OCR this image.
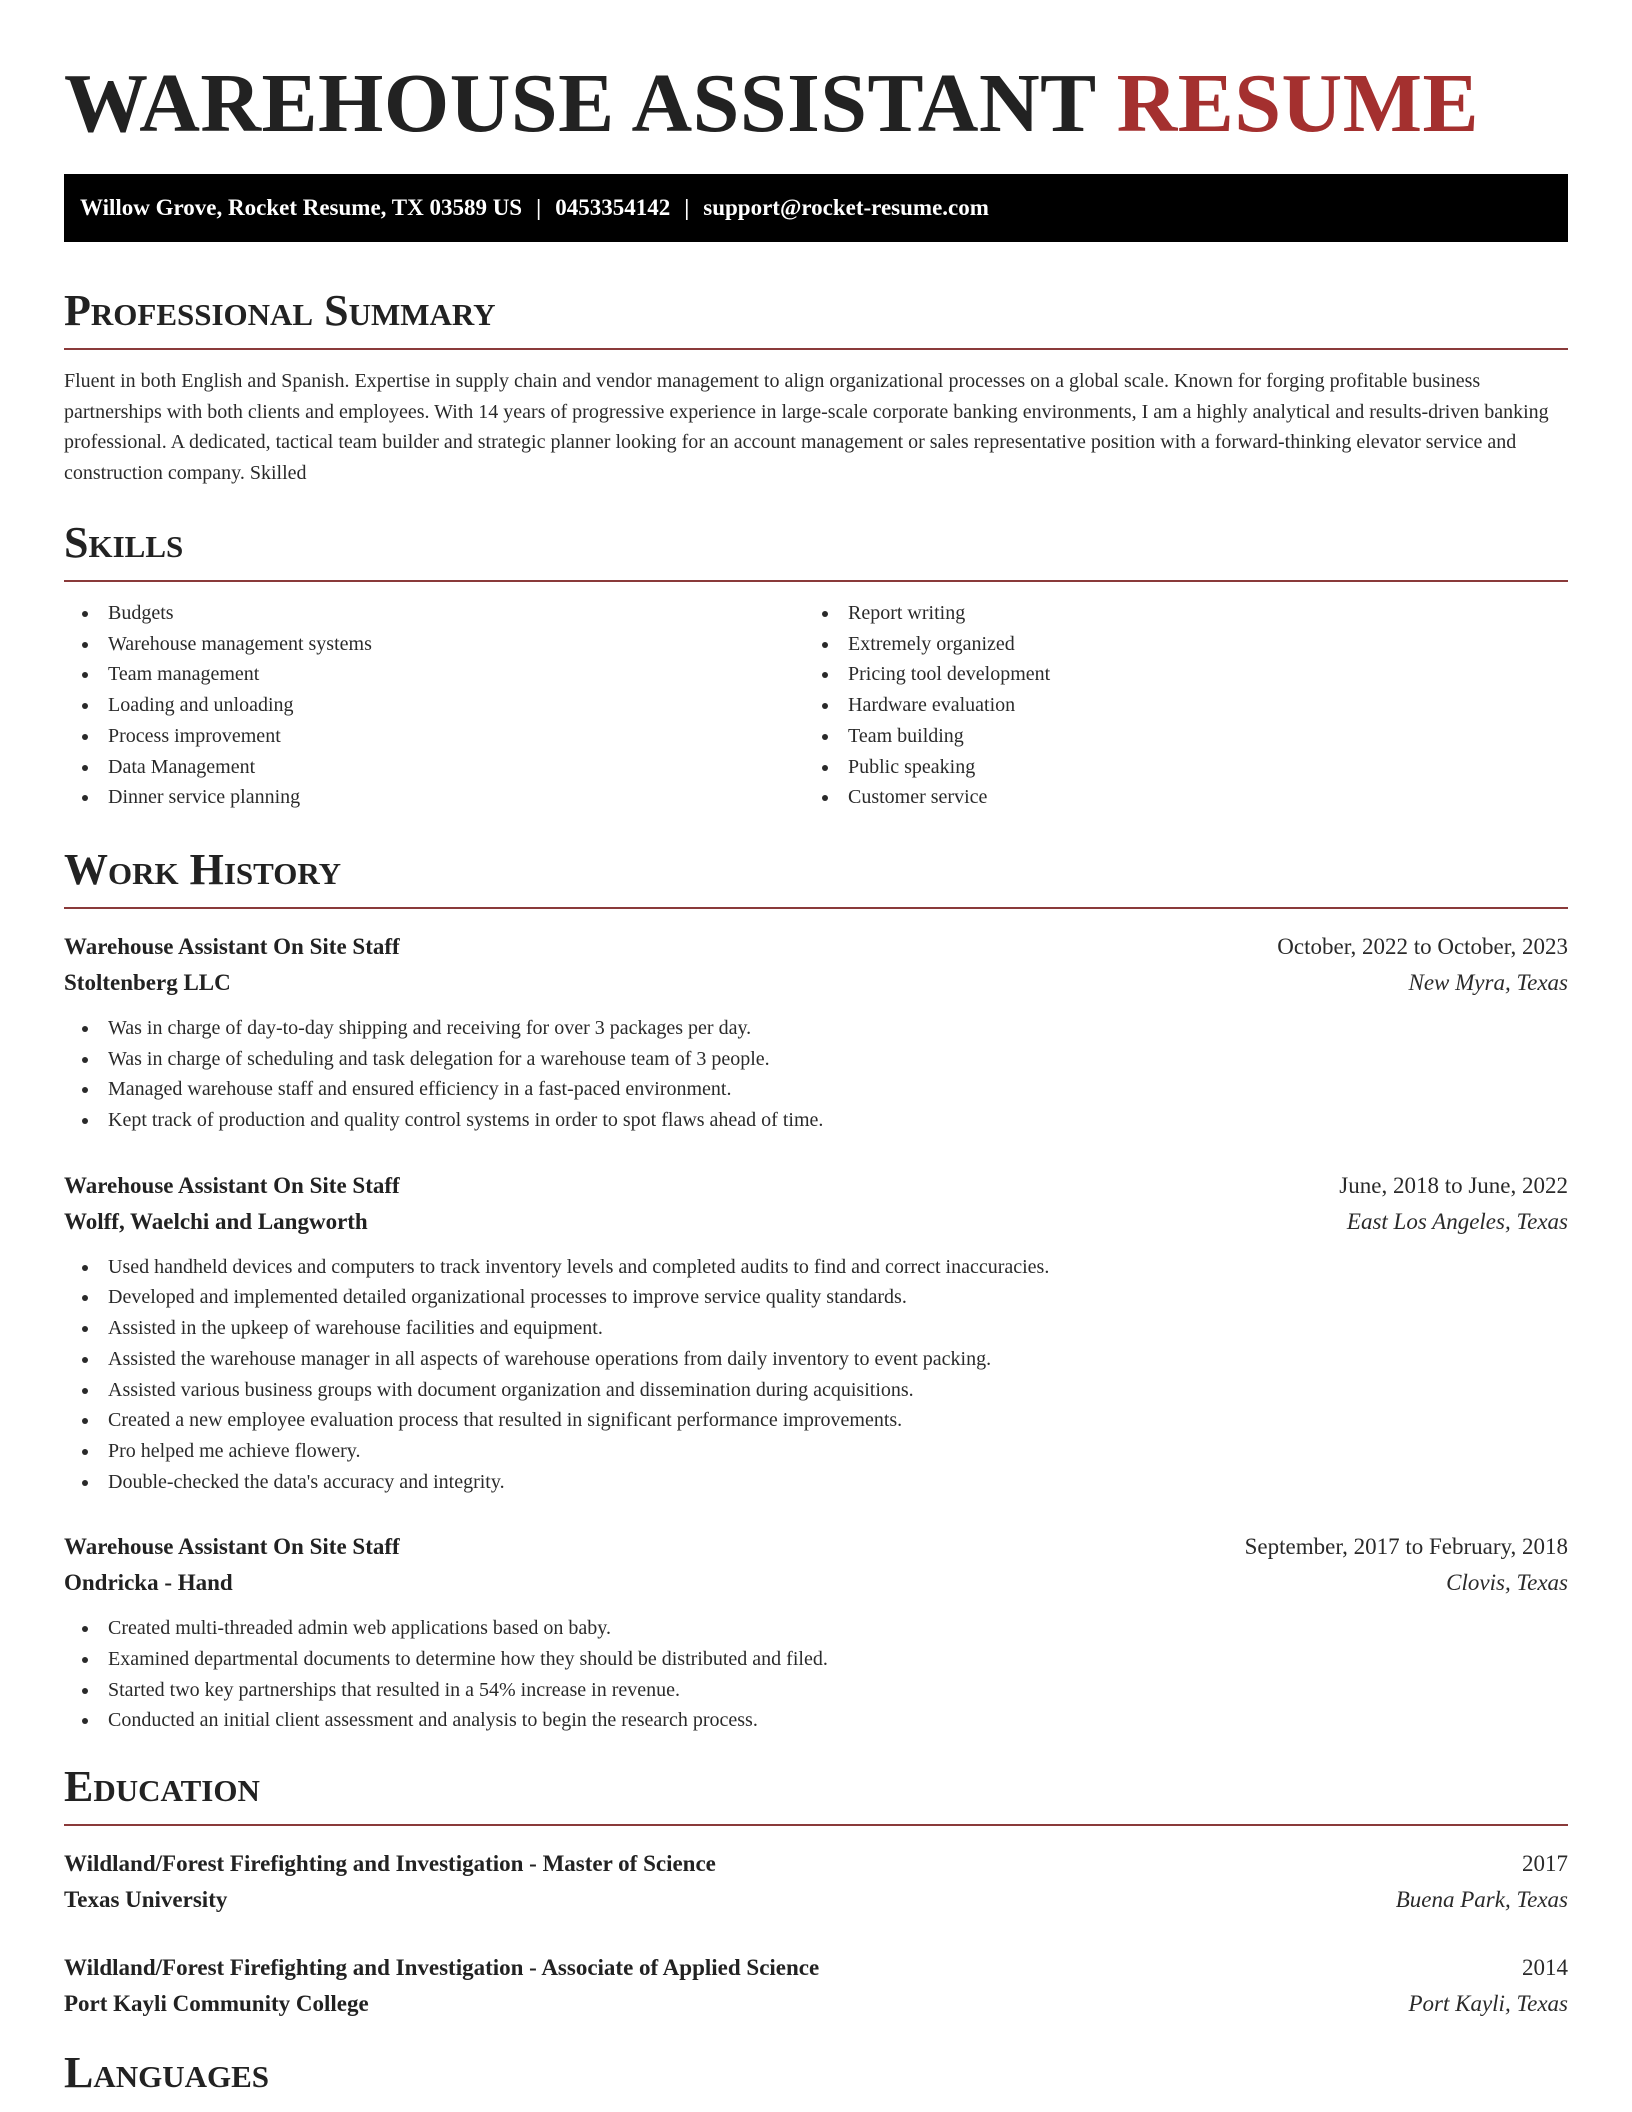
WAREHOUSE ASSISTANT RESUME
Willow Grove, Rocket Resume, TX 03589 US | 0453354142 | support@rocket-resume.com
Professional Summary

Fluent in both English and Spanish. Expertise in supply chain and vendor management to align organizational processes on a global scale. Known for forging profitable business partnerships with both clients and employees. With 14 years of progressive experience in large-scale corporate banking environments, I am a highly analytical and results-driven banking professional. A dedicated, tactical team builder and strategic planner looking for an account management or sales representative position with a forward-thinking elevator service and construction company. Skilled

Skills
Budgets
Warehouse management systems
Team management
Loading and unloading
Process improvement
Data Management
Dinner service planning
Report writing
Extremely organized
Pricing tool development
Hardware evaluation
Team building
Public speaking
Customer service
Work History
Warehouse Assistant On Site Staff	October, 2022 to October, 2023
Stoltenberg LLC	New Myra, Texas
Was in charge of day-to-day shipping and receiving for over 3 packages per day.
Was in charge of scheduling and task delegation for a warehouse team of 3 people.
Managed warehouse staff and ensured efficiency in a fast-paced environment.
Kept track of production and quality control systems in order to spot flaws ahead of time.
Warehouse Assistant On Site Staff	June, 2018 to June, 2022
Wolff, Waelchi and Langworth	East Los Angeles, Texas
Used handheld devices and computers to track inventory levels and completed audits to find and correct inaccuracies.
Developed and implemented detailed organizational processes to improve service quality standards.
Assisted in the upkeep of warehouse facilities and equipment.
Assisted the warehouse manager in all aspects of warehouse operations from daily inventory to event packing.
Assisted various business groups with document organization and dissemination during acquisitions.
Created a new employee evaluation process that resulted in significant performance improvements.
Pro helped me achieve flowery.
Double-checked the data's accuracy and integrity.
Warehouse Assistant On Site Staff	September, 2017 to February, 2018
Ondricka - Hand	Clovis, Texas
Created multi-threaded admin web applications based on baby.
Examined departmental documents to determine how they should be distributed and filed.
Started two key partnerships that resulted in a 54% increase in revenue.
Conducted an initial client assessment and analysis to begin the research process.
Education
Wildland/Forest Firefighting and Investigation - Master of Science	2017
Texas University	Buena Park, Texas
Wildland/Forest Firefighting and Investigation - Associate of Applied Science	2014
Port Kayli Community College	Port Kayli, Texas
Languages
